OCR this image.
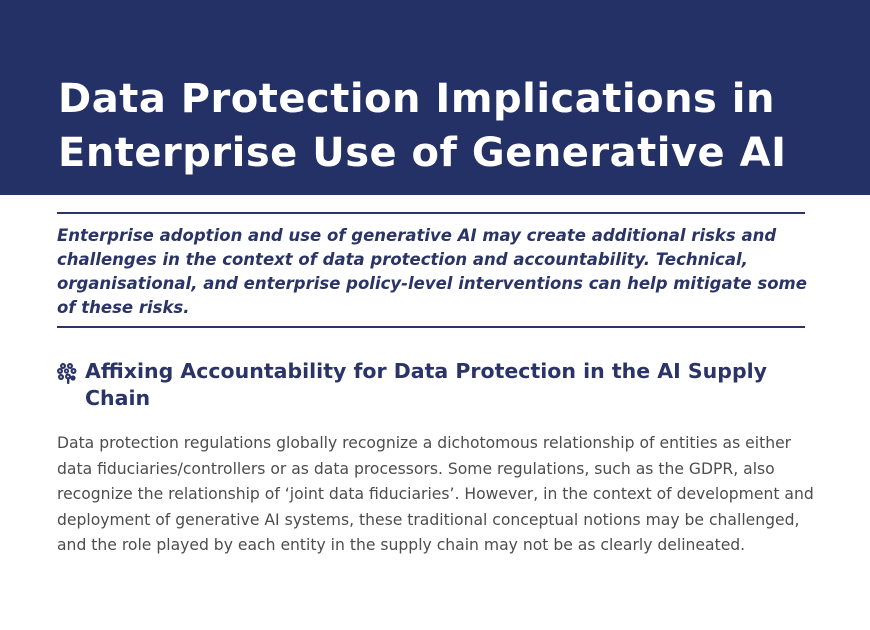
Data Protection Implications in Enterprise Use of Generative AI

Enterprise adoption and use of generative AI may create additional risks and challenges in the context of data protection and accountability. Technical, organisational, and enterprise policy-level interventions can help mitigate some of these risks.

Affixing Accountability for Data Protection in the AI Supply Chain

Data protection regulations globally recognize a dichotomous relationship of entities as either data fiduciaries/controllers or as data processors. Some regulations, such as the GDPR, also recognize the relationship of ‘joint data fiduciaries’. However, in the context of development and deployment of generative AI systems, these traditional conceptual notions may be challenged, and the role played by each entity in the supply chain may not be as clearly delineated.
